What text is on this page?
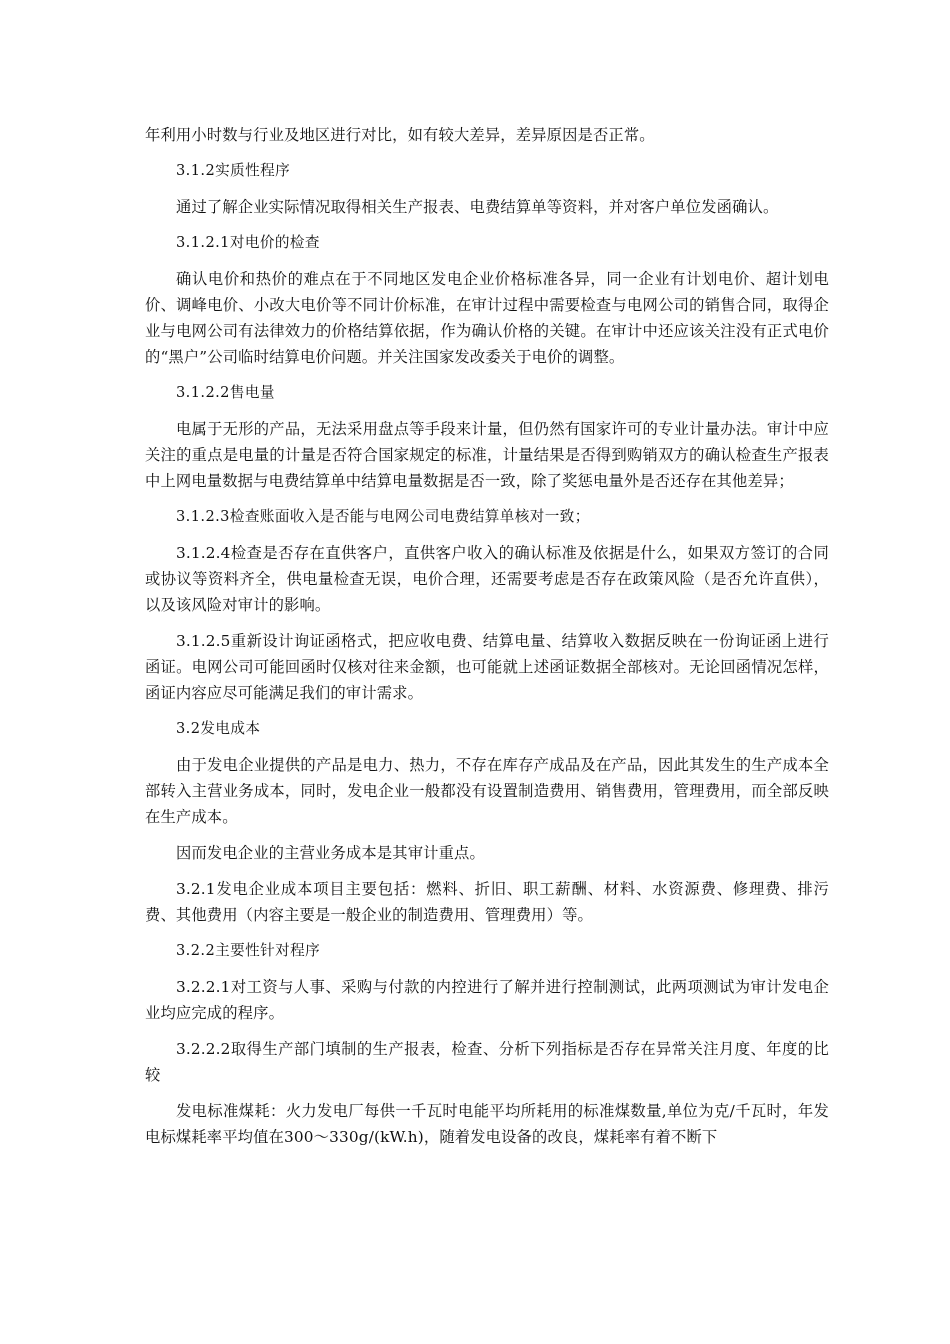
年利用小时数与行业及地区进行对比，如有较大差异，差异原因是否正常。

3.1.2实质性程序

通过了解企业实际情况取得相关生产报表、电费结算单等资料，并对客户单位发函确认。

3.1.2.1对电价的检查

确认电价和热价的难点在于不同地区发电企业价格标准各异，同一企业有计划电价、超计划电价、调峰电价、小改大电价等不同计价标准，在审计过程中需要检查与电网公司的销售合同，取得企业与电网公司有法律效力的价格结算依据，作为确认价格的关键。在审计中还应该关注没有正式电价的“黑户”公司临时结算电价问题。并关注国家发改委关于电价的调整。

3.1.2.2售电量

电属于无形的产品，无法采用盘点等手段来计量，但仍然有国家许可的专业计量办法。审计中应关注的重点是电量的计量是否符合国家规定的标准，计量结果是否得到购销双方的确认检查生产报表中上网电量数据与电费结算单中结算电量数据是否一致，除了奖惩电量外是否还存在其他差异；

3.1.2.3检查账面收入是否能与电网公司电费结算单核对一致；

3.1.2.4检查是否存在直供客户，直供客户收入的确认标准及依据是什么，如果双方签订的合同或协议等资料齐全，供电量检查无误，电价合理，还需要考虑是否存在政策风险（是否允许直供），以及该风险对审计的影响。

3.1.2.5重新设计询证函格式，把应收电费、结算电量、结算收入数据反映在一份询证函上进行函证。电网公司可能回函时仅核对往来金额，也可能就上述函证数据全部核对。无论回函情况怎样，函证内容应尽可能满足我们的审计需求。

3.2发电成本

由于发电企业提供的产品是电力、热力，不存在库存产成品及在产品，因此其发生的生产成本全部转入主营业务成本，同时，发电企业一般都没有设置制造费用、销售费用，管理费用，而全部反映在生产成本。

因而发电企业的主营业务成本是其审计重点。

3.2.1发电企业成本项目主要包括：燃料、折旧、职工薪酬、材料、水资源费、修理费、排污费、其他费用（内容主要是一般企业的制造费用、管理费用）等。

3.2.2主要性针对程序

3.2.2.1对工资与人事、采购与付款的内控进行了解并进行控制测试，此两项测试为审计发电企业均应完成的程序。

3.2.2.2取得生产部门填制的生产报表，检查、分析下列指标是否存在异常关注月度、年度的比较

发电标准煤耗：火力发电厂每供一千瓦时电能平均所耗用的标准煤数量,单位为克/千瓦时，年发电标煤耗率平均值在300～330g/(kW.h)，随着发电设备的改良，煤耗率有着不断下
